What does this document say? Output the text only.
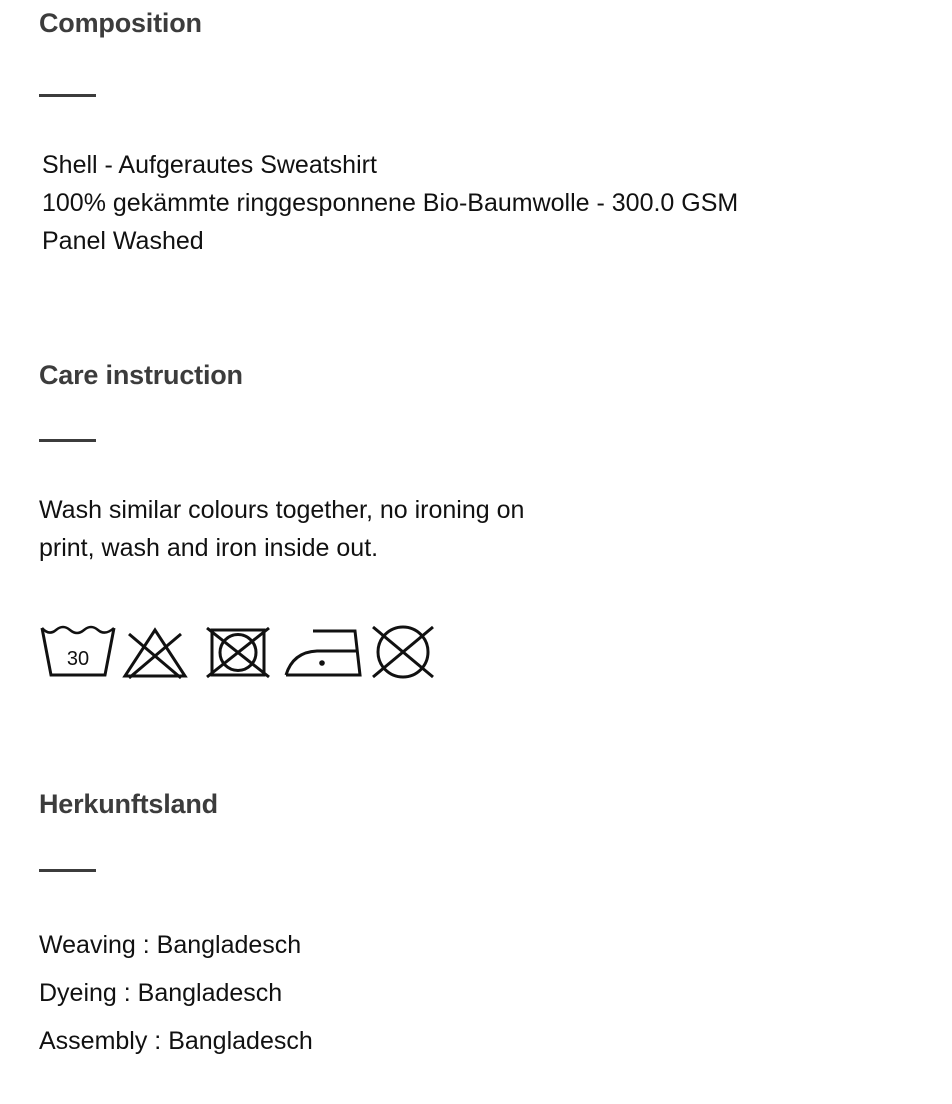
Composition

Shell - Aufgerautes Sweatshirt

100% gekämmte ringgesponnene Bio-Baumwolle - 300.0 GSM

Panel Washed

Care instruction

Wash similar colours together, no ironing on

print, wash and iron inside out.

30
Herkunftsland

Weaving : Bangladesch

Dyeing : Bangladesch

Assembly : Bangladesch
